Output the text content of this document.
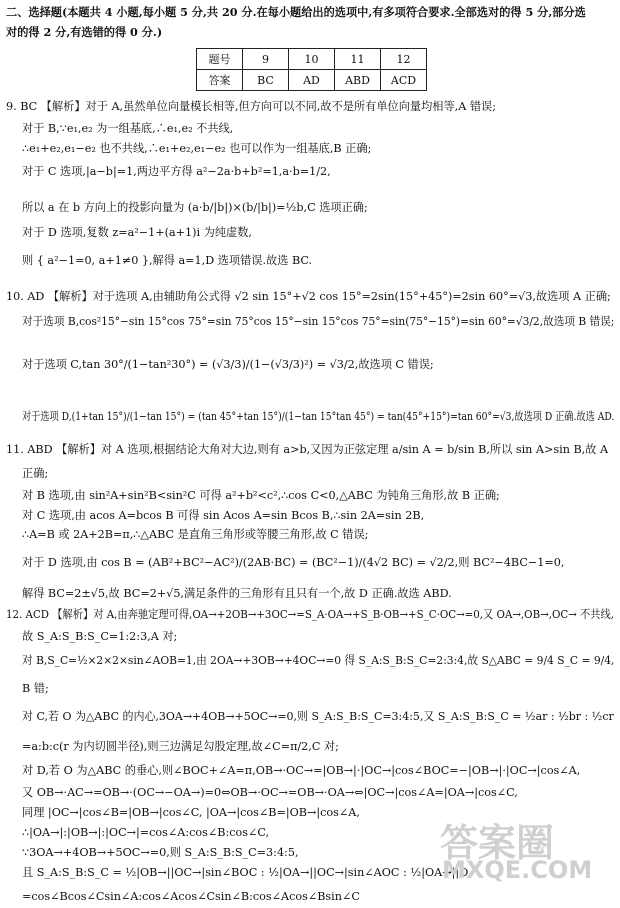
二、选择题(本题共 4 小题,每小题 5 分,共 20 分.在每小题给出的选项中,有多项符合要求.全部选对的得 5 分,部分选
对的得 2 分,有选错的得 0 分.)
题号	9	10	11	12
答案	BC	AD	ABD	ACD
9. BC 【解析】对于 A,虽然单位向量模长相等,但方向可以不同,故不是所有单位向量均相等,A 错误;
对于 B,∵e₁,e₂ 为一组基底,∴e₁,e₂ 不共线,
∴e₁+e₂,e₁−e₂ 也不共线,∴e₁+e₂,e₁−e₂ 也可以作为一组基底,B 正确;
对于 C 选项,|a−b|=1,两边平方得 a²−2a·b+b²=1,a·b=1/2,
所以 a 在 b 方向上的投影向量为 (a·b/|b|)×(b/|b|)=½b,C 选项正确;
对于 D 选项,复数 z=a²−1+(a+1)i 为纯虚数,
则 { a²−1=0, a+1≠0 },解得 a=1,D 选项错误.故选 BC.
10. AD 【解析】对于选项 A,由辅助角公式得 √2 sin 15°+√2 cos 15°=2sin(15°+45°)=2sin 60°=√3,故选项 A 正确;
对于选项 B,cos²15°−sin 15°cos 75°=sin 75°cos 15°−sin 15°cos 75°=sin(75°−15°)=sin 60°=√3/2,故选项 B 错误;
对于选项 C,tan 30°/(1−tan²30°) = (√3/3)/(1−(√3/3)²) = √3/2,故选项 C 错误;
对于选项 D,(1+tan 15°)/(1−tan 15°) = (tan 45°+tan 15°)/(1−tan 15°tan 45°) = tan(45°+15°)=tan 60°=√3,故选项 D 正确.故选 AD.
11. ABD 【解析】对 A 选项,根据结论大角对大边,则有 a>b,又因为正弦定理 a/sin A = b/sin B,所以 sin A>sin B,故 A
正确;
对 B 选项,由 sin²A+sin²B<sin²C 可得 a²+b²<c²,∴cos C<0,△ABC 为钝角三角形,故 B 正确;
对 C 选项,由 acos A=bcos B 可得 sin Acos A=sin Bcos B,∴sin 2A=sin 2B,
∴A=B 或 2A+2B=π,∴△ABC 是直角三角形或等腰三角形,故 C 错误;
对于 D 选项,由 cos B = (AB²+BC²−AC²)/(2AB·BC) = (BC²−1)/(4√2 BC) = √2/2,则 BC²−4BC−1=0,
解得 BC=2±√5,故 BC=2+√5,满足条件的三角形有且只有一个,故 D 正确.故选 ABD.
12. ACD 【解析】对 A,由奔驰定理可得,OA→+2OB→+3OC→=S_A·OA→+S_B·OB→+S_C·OC→=0,又 OA→,OB→,OC→ 不共线,
故 S_A:S_B:S_C=1:2:3,A 对;
对 B,S_C=½×2×2×sin∠AOB=1,由 2OA→+3OB→+4OC→=0 得 S_A:S_B:S_C=2:3:4,故 S△ABC = 9/4 S_C = 9/4,
B 错;
对 C,若 O 为△ABC 的内心,3OA→+4OB→+5OC→=0,则 S_A:S_B:S_C=3:4:5,又 S_A:S_B:S_C = ½ar : ½br : ½cr
=a:b:c(r 为内切圆半径),则三边满足勾股定理,故∠C=π/2,C 对;
对 D,若 O 为△ABC 的垂心,则∠BOC+∠A=π,OB→·OC→=|OB→|·|OC→|cos∠BOC=−|OB→|·|OC→|cos∠A,
又 OB→·AC→=OB→·(OC→−OA→)=0⇔OB→·OC→=OB→·OA→⇔|OC→|cos∠A=|OA→|cos∠C,
同理 |OC→|cos∠B=|OB→|cos∠C, |OA→|cos∠B=|OB→|cos∠A,
∴|OA→|:|OB→|:|OC→|=cos∠A:cos∠B:cos∠C,
∵3OA→+4OB→+5OC→=0,则 S_A:S_B:S_C=3:4:5,
且 S_A:S_B:S_C = ½|OB→||OC→|sin∠BOC : ½|OA→||OC→|sin∠AOC : ½|OA→||O
=cos∠Bcos∠Csin∠A:cos∠Acos∠Csin∠B:cos∠Acos∠Bsin∠C
答案圈
MXQE.COM
